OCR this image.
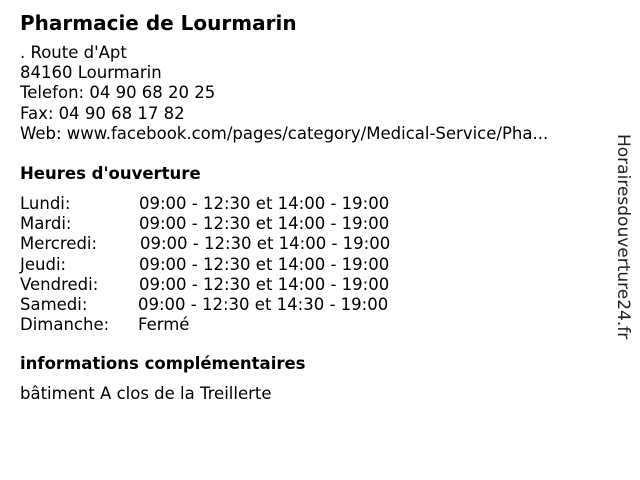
Pharmacie de Lourmarin
. Route d'Apt
84160 Lourmarin
Telefon: 04 90 68 20 25
Fax: 04 90 68 17 82
Web: www.facebook.com/pages/category/Medical-Service/Pha...
Heures d'ouverture
Lundi:	09:00 - 12:30 et 14:00 - 19:00
Mardi:	09:00 - 12:30 et 14:00 - 19:00
Mercredi:	09:00 - 12:30 et 14:00 - 19:00
Jeudi:	09:00 - 12:30 et 14:00 - 19:00
Vendredi: 09:00 - 12:30 et 14:00 - 19:00
Samedi:	09:00 - 12:30 et 14:30 - 19:00
Dimanche: Fermé
informations complémentaires
bâtiment A clos de la Treillerte
Horairesdouverture24.fr
